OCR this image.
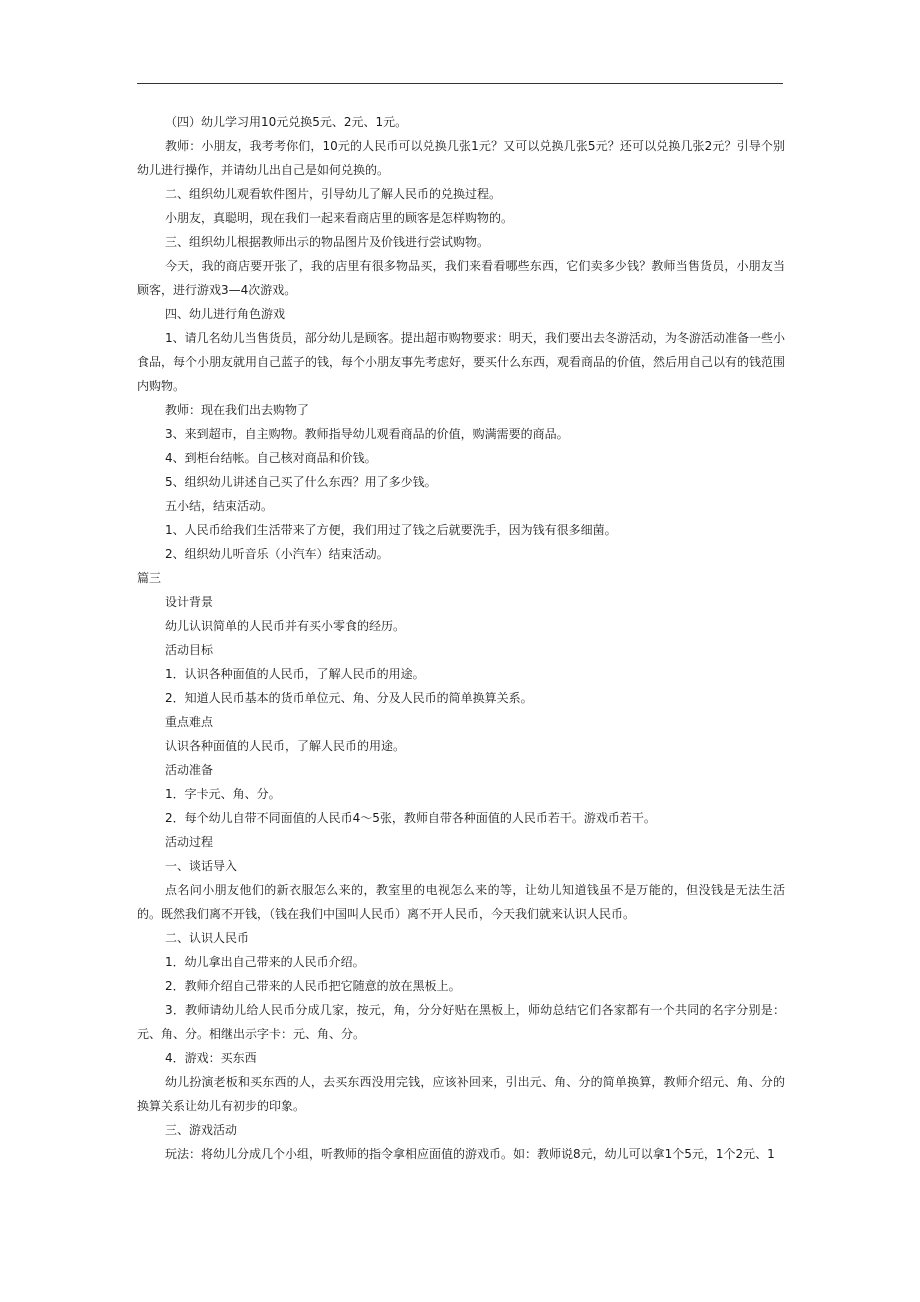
（四）幼儿学习用10元兑换5元、2元、1元。

教师：小朋友，我考考你们，10元的人民币可以兑换几张1元？又可以兑换几张5元？还可以兑换几张2元？引导个别幼儿进行操作，并请幼儿出自己是如何兑换的。

二、组织幼儿观看软件图片，引导幼儿了解人民币的兑换过程。

小朋友，真聪明，现在我们一起来看商店里的顾客是怎样购物的。

三、组织幼儿根据教师出示的物品图片及价钱进行尝试购物。

今天，我的商店要开张了，我的店里有很多物品买，我们来看看哪些东西，它们卖多少钱？教师当售货员，小朋友当顾客，进行游戏3—4次游戏。

四、幼儿进行角色游戏

1、请几名幼儿当售货员，部分幼儿是顾客。提出超市购物要求：明天，我们要出去冬游活动，为冬游活动准备一些小食品，每个小朋友就用自己蓝子的钱，每个小朋友事先考虑好，要买什么东西，观看商品的价值，然后用自己以有的钱范围内购物。

教师：现在我们出去购物了

3、来到超市，自主购物。教师指导幼儿观看商品的价值，购满需要的商品。

4、到柜台结帐。自己核对商品和价钱。

5、组织幼儿讲述自己买了什么东西？用了多少钱。

五小结，结束活动。

1、人民币给我们生活带来了方便，我们用过了钱之后就要洗手，因为钱有很多细菌。

2、组织幼儿听音乐（小汽车）结束活动。

篇三

设计背景

幼儿认识简单的人民币并有买小零食的经历。

活动目标

1．认识各种面值的人民币，了解人民币的用途。

2．知道人民币基本的货币单位元、角、分及人民币的简单换算关系。

重点难点

认识各种面值的人民币，了解人民币的用途。

活动准备

1．字卡元、角、分。

2．每个幼儿自带不同面值的人民币4～5张，教师自带各种面值的人民币若干。游戏币若干。

活动过程

一、谈话导入

点名问小朋友他们的新衣服怎么来的，教室里的电视怎么来的等，让幼儿知道钱虽不是万能的，但没钱是无法生活的。既然我们离不开钱，（钱在我们中国叫人民币）离不开人民币，今天我们就来认识人民币。

二、认识人民币

1．幼儿拿出自己带来的人民币介绍。

2．教师介绍自己带来的人民币把它随意的放在黑板上。

3．教师请幼儿给人民币分成几家，按元，角，分分好贴在黑板上，师幼总结它们各家都有一个共同的名字分别是：元、角、分。相继出示字卡：元、角、分。

4．游戏：买东西

幼儿扮演老板和买东西的人，去买东西没用完钱，应该补回来，引出元、角、分的简单换算，教师介绍元、角、分的换算关系让幼儿有初步的印象。

三、游戏活动

玩法：将幼儿分成几个小组，听教师的指令拿相应面值的游戏币。如：教师说8元，幼儿可以拿1个5元，1个2元、1
